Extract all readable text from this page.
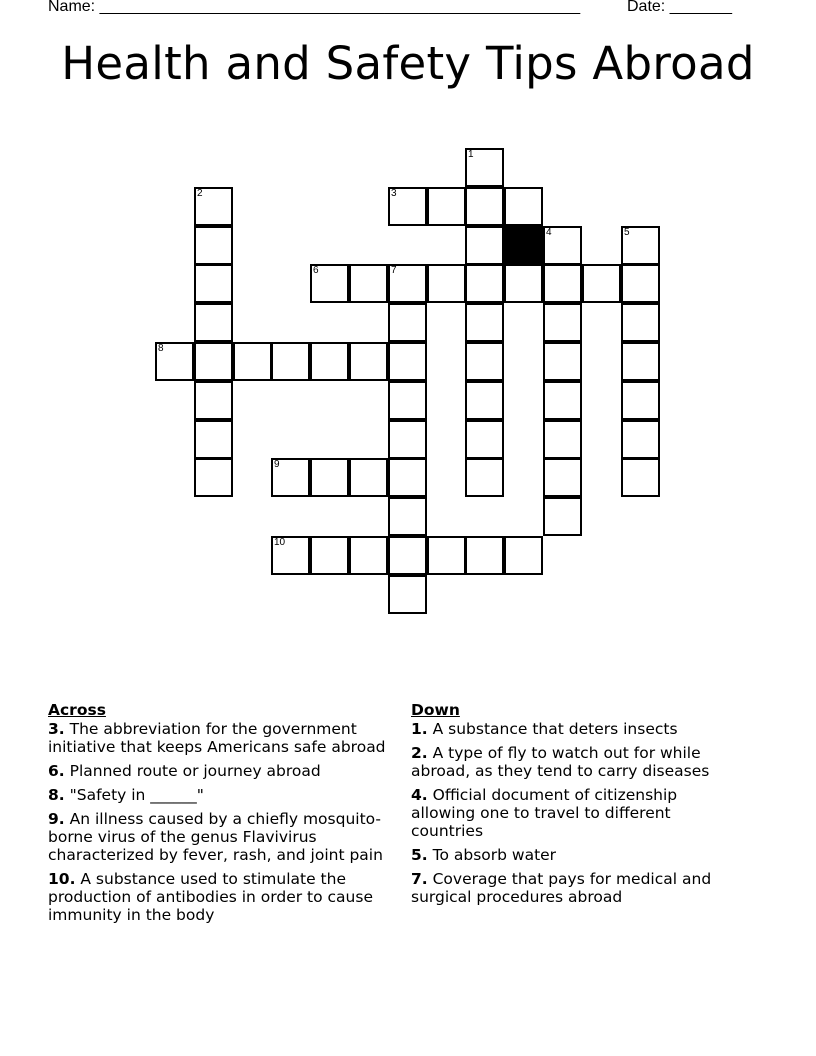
Name: ______________________________________________________	Date: _______
Health and Safety Tips Abroad
1
2	3
4	5
6	7
8
9
10
Across
3. The abbreviation for the government initiative that keeps Americans safe abroad
6. Planned route or journey abroad
8. "Safety in ______"
9. An illness caused by a chiefly mosquito-borne virus of the genus Flavivirus characterized by fever, rash, and joint pain
10. A substance used to stimulate the production of antibodies in order to cause immunity in the body
Down
1. A substance that deters insects
2. A type of fly to watch out for while abroad, as they tend to carry diseases
4. Official document of citizenship allowing one to travel to different countries
5. To absorb water
7. Coverage that pays for medical and surgical procedures abroad
